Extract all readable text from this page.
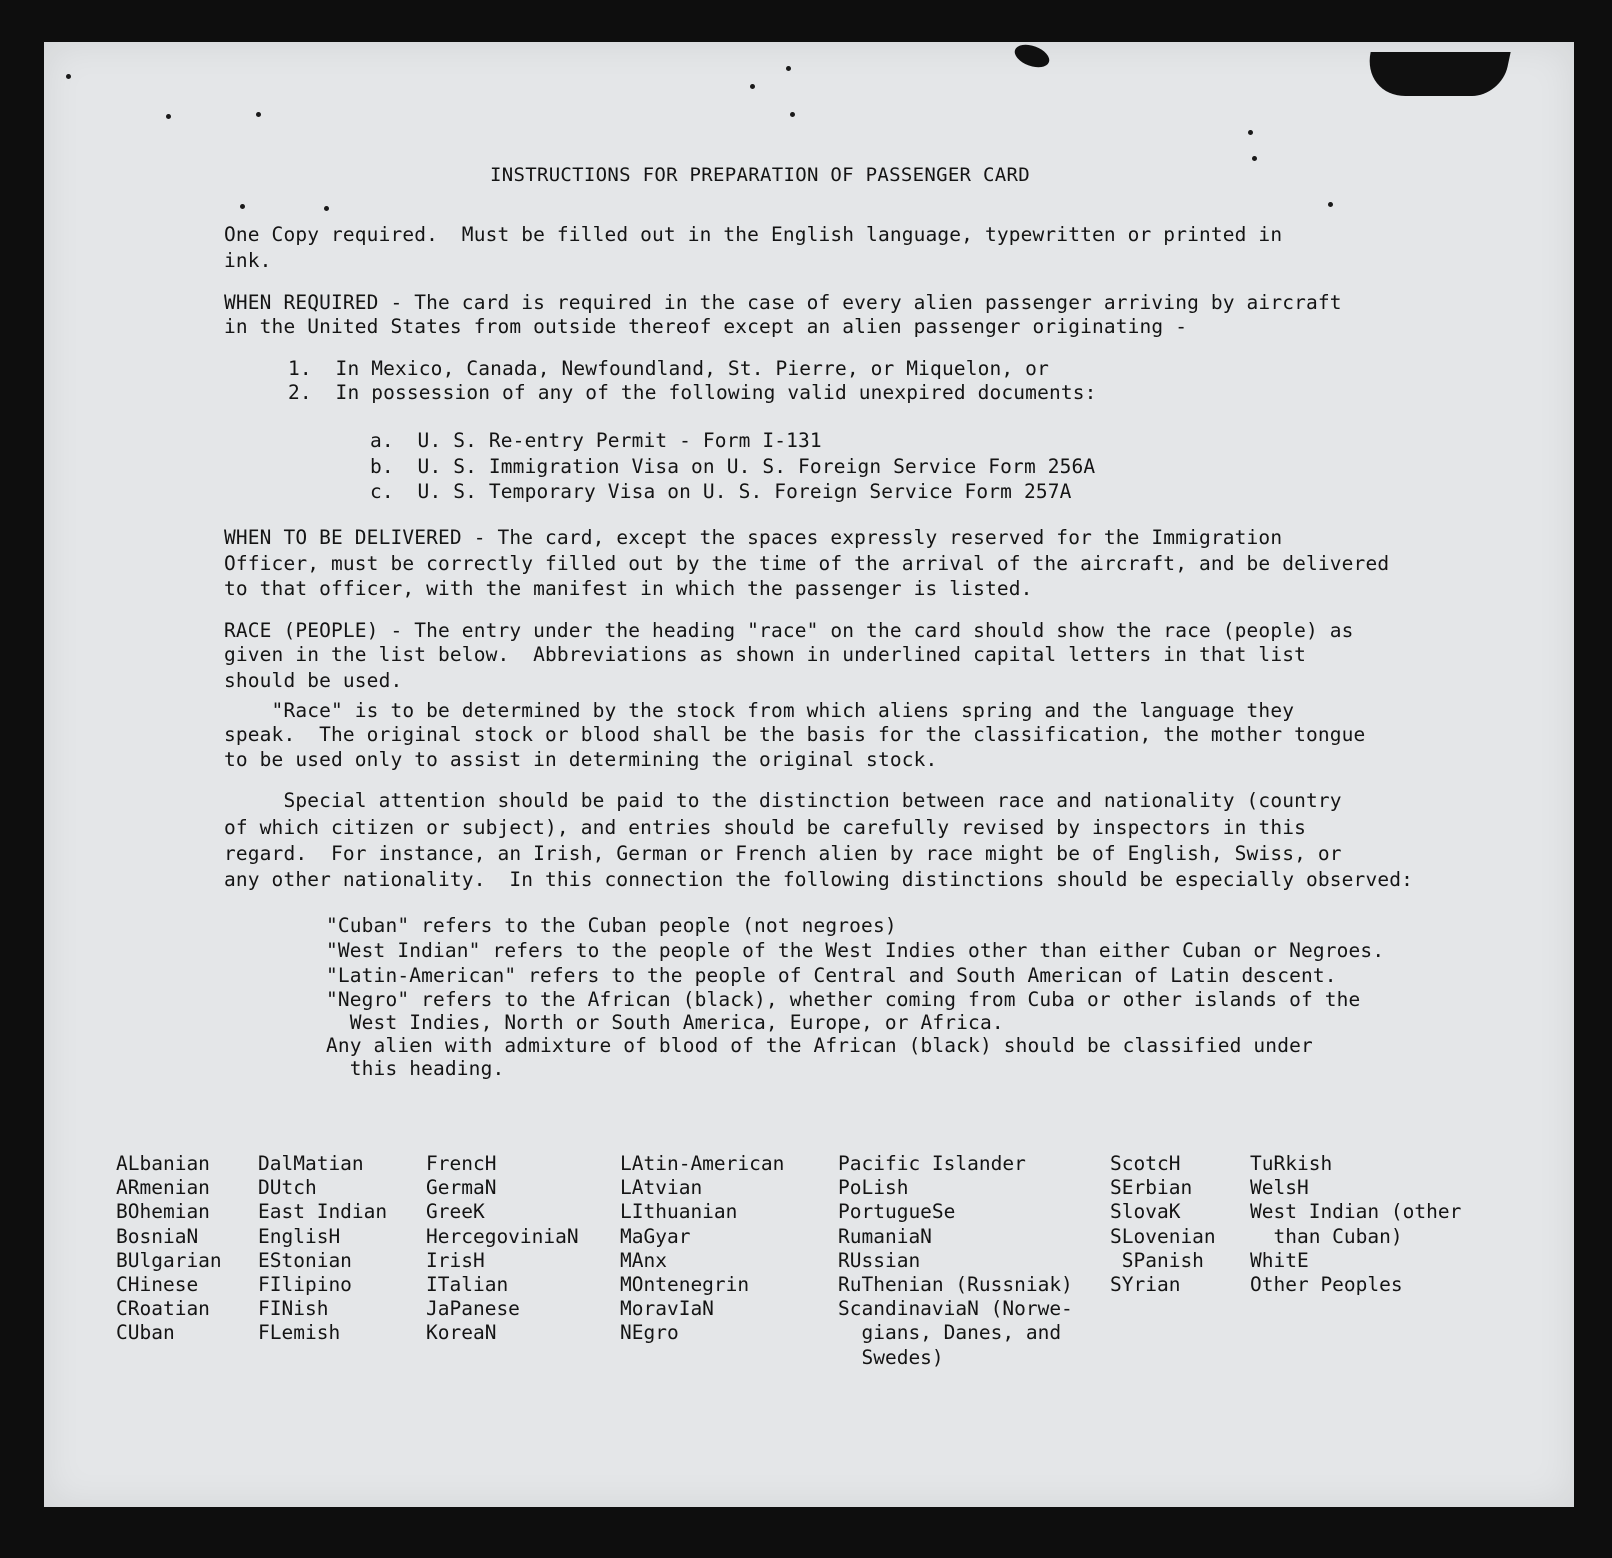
INSTRUCTIONS FOR PREPARATION OF PASSENGER CARD
One Copy required.  Must be filled out in the English language, typewritten or printed in
ink.
WHEN REQUIRED - The card is required in the case of every alien passenger arriving by aircraft
in the United States from outside thereof except an alien passenger originating -
1.  In Mexico, Canada, Newfoundland, St. Pierre, or Miquelon, or
2.  In possession of any of the following valid unexpired documents:
a.  U. S. Re-entry Permit - Form I-131
b.  U. S. Immigration Visa on U. S. Foreign Service Form 256A
c.  U. S. Temporary Visa on U. S. Foreign Service Form 257A
WHEN TO BE DELIVERED - The card, except the spaces expressly reserved for the Immigration
Officer, must be correctly filled out by the time of the arrival of the aircraft, and be delivered
to that officer, with the manifest in which the passenger is listed.
RACE (PEOPLE) - The entry under the heading "race" on the card should show the race (people) as
given in the list below.  Abbreviations as shown in underlined capital letters in that list
should be used.
"Race" is to be determined by the stock from which aliens spring and the language they
speak.  The original stock or blood shall be the basis for the classification, the mother tongue
to be used only to assist in determining the original stock.
Special attention should be paid to the distinction between race and nationality (country
of which citizen or subject), and entries should be carefully revised by inspectors in this
regard.  For instance, an Irish, German or French alien by race might be of English, Swiss, or
any other nationality.  In this connection the following distinctions should be especially observed:
"Cuban" refers to the Cuban people (not negroes)
"West Indian" refers to the people of the West Indies other than either Cuban or Negroes.
"Latin-American" refers to the people of Central and South American of Latin descent.
"Negro" refers to the African (black), whether coming from Cuba or other islands of the
West Indies, North or South America, Europe, or Africa.
Any alien with admixture of blood of the African (black) should be classified under
this heading.
ALbanian
ARmenian
BOhemian
BosniaN
BUlgarian
CHinese
CRoatian
CUban
DalMatian
DUtch
East Indian
EnglisH
EStonian
FIlipino
FINish
FLemish
FrencH
GermaN
GreeK
HercegoviniaN
IrisH
ITalian
JaPanese
KoreaN
LAtin-American
LAtvian
LIthuanian
MaGyar
MAnx
MOntenegrin
MoravIaN
NEgro
Pacific Islander
PoLish
PortugueSe
RumaniaN
RUssian
RuThenian (Russniak)
ScandinaviaN (Norwe-
gians, Danes, and
Swedes)
ScotcH
SErbian
SlovaK
SLovenian
SPanish
SYrian
TuRkish
WelsH
West Indian (other
than Cuban)
WhitE
Other Peoples
